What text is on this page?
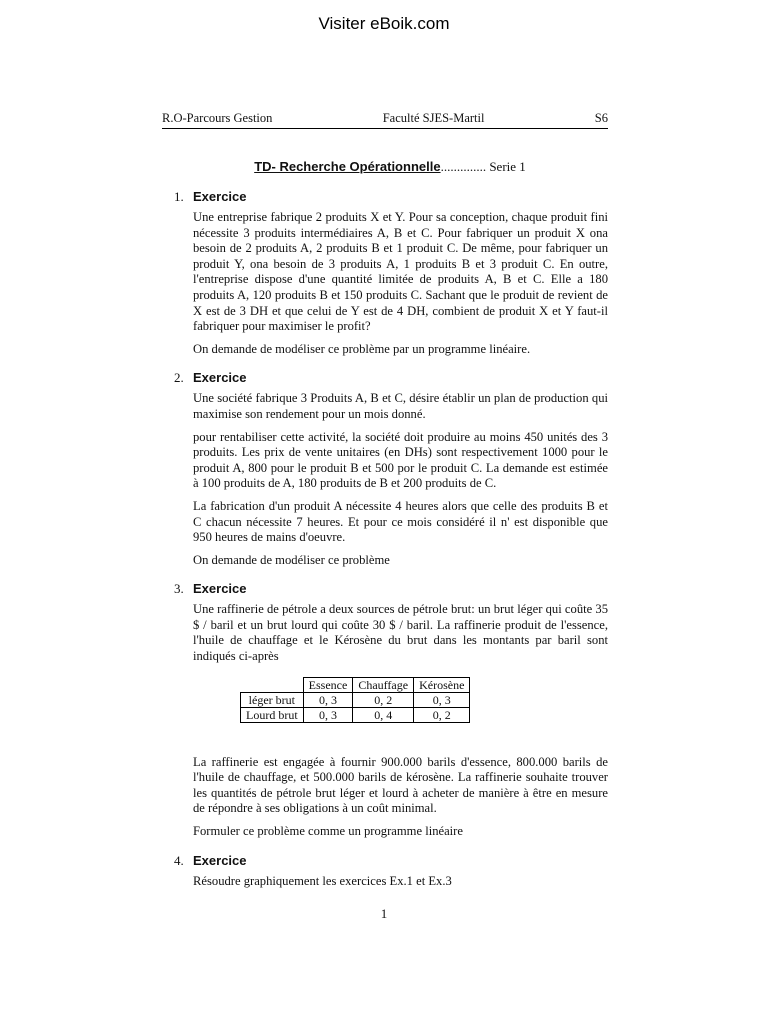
Visiter eBoik.com
R.O-Parcours Gestion	Faculté SJES-Martil	S6
TD- Recherche Opérationnelle.............. Serie 1
1. Exercice

Une entreprise fabrique 2 produits X et Y. Pour sa conception, chaque produit fini nécessite 3 produits intermédiaires A, B et C. Pour fabriquer un produit X ona besoin de 2 produits A, 2 produits B et 1 produit C. De même, pour fabriquer un produit Y, ona besoin de 3 produits A, 1 produits B et 3 produit C. En outre, l'entreprise dispose d'une quantité limitée de produits A, B et C. Elle a 180 produits A, 120 produits B et 150 produits C. Sachant que le produit de revient de X est de 3 DH et que celui de Y est de 4 DH, combient de produit X et Y faut-il fabriquer pour maximiser le profit?

On demande de modéliser ce problème par un programme linéaire.

2. Exercice

Une société fabrique 3 Produits A, B et C, désire établir un plan de production qui maximise son rendement pour un mois donné.

pour rentabiliser cette activité, la société doit produire au moins 450 unités des 3 produits. Les prix de vente unitaires (en DHs) sont respectivement 1000 pour le produit A, 800 pour le produit B et 500 por le produit C. La demande est estimée à 100 produits de A, 180 produits de B et 200 produits de C.

La fabrication d'un produit A nécessite 4 heures alors que celle des produits B et C chacun nécessite 7 heures. Et pour ce mois considéré il n' est disponible que 950 heures de mains d'oeuvre.

On demande de modéliser ce problème

3. Exercice

Une raffinerie de pétrole a deux sources de pétrole brut: un brut léger qui coûte 35 $ / baril et un brut lourd qui coûte 30 $ / baril. La raffinerie produit de l'essence, l'huile de chauffage et le Kérosène du brut dans les montants par baril sont indiqués ci-après

	Essence	Chauffage	Kérosène
léger brut	0, 3	0, 2	0, 3
Lourd brut	0, 3	0, 4	0, 2

La raffinerie est engagée à fournir 900.000 barils d'essence, 800.000 barils de l'huile de chauffage, et 500.000 barils de kérosène. La raffinerie souhaite trouver les quantités de pétrole brut léger et lourd à acheter de manière à être en mesure de répondre à ses obligations à un coût minimal.

Formuler ce problème comme un programme linéaire

4. Exercice

Résoudre graphiquement les exercices Ex.1 et Ex.3

1
